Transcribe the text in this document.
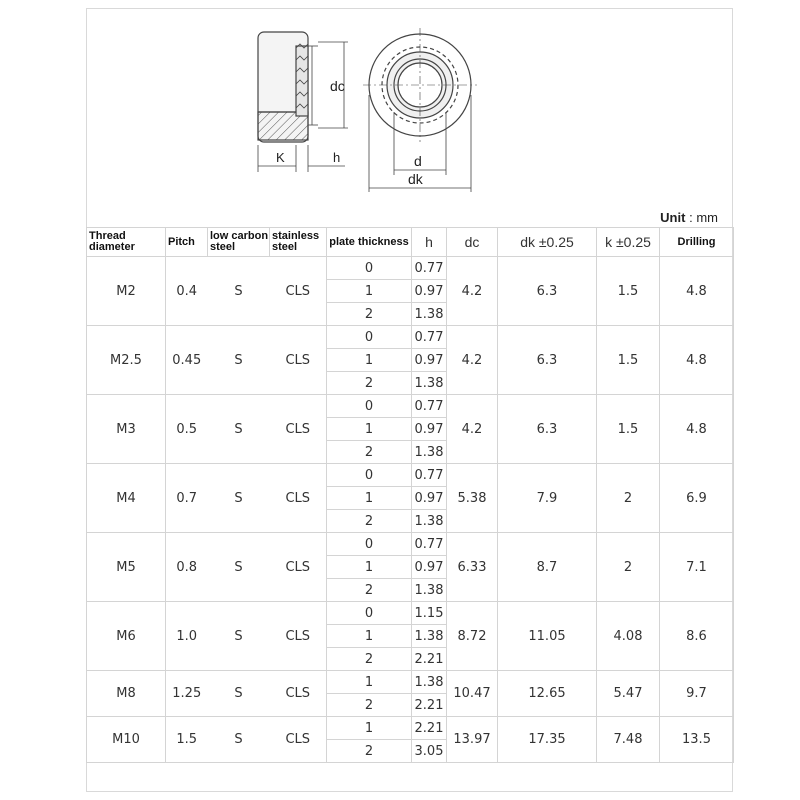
dc
K	h	d
dk
Unit : mm
Thread diameter	Pitch	low carbon steel	stainless steel	plate thickness	h	dc	dk ±0.25	k ±0.25	Drilling
M2	0.4	S	CLS	0	0.77	4.2	6.3	1.5	4.8
				1	0.97				
				2	1.38				
M2.5	0.45	S	CLS	0	0.77	4.2	6.3	1.5	4.8
				1	0.97				
				2	1.38				
M3	0.5	S	CLS	0	0.77	4.2	6.3	1.5	4.8
				1	0.97				
				2	1.38				
M4	0.7	S	CLS	0	0.77	5.38	7.9	2	6.9
				1	0.97				
				2	1.38				
M5	0.8	S	CLS	0	0.77	6.33	8.7	2	7.1
				1	0.97				
				2	1.38				
M6	1.0	S	CLS	0	1.15	8.72	11.05	4.08	8.6
				1	1.38				
				2	2.21				
M8	1.25	S	CLS	1	1.38	10.47	12.65	5.47	9.7
				2	2.21				
M10	1.5	S	CLS	1	2.21	13.97	17.35	7.48	13.5
				2	3.05				
